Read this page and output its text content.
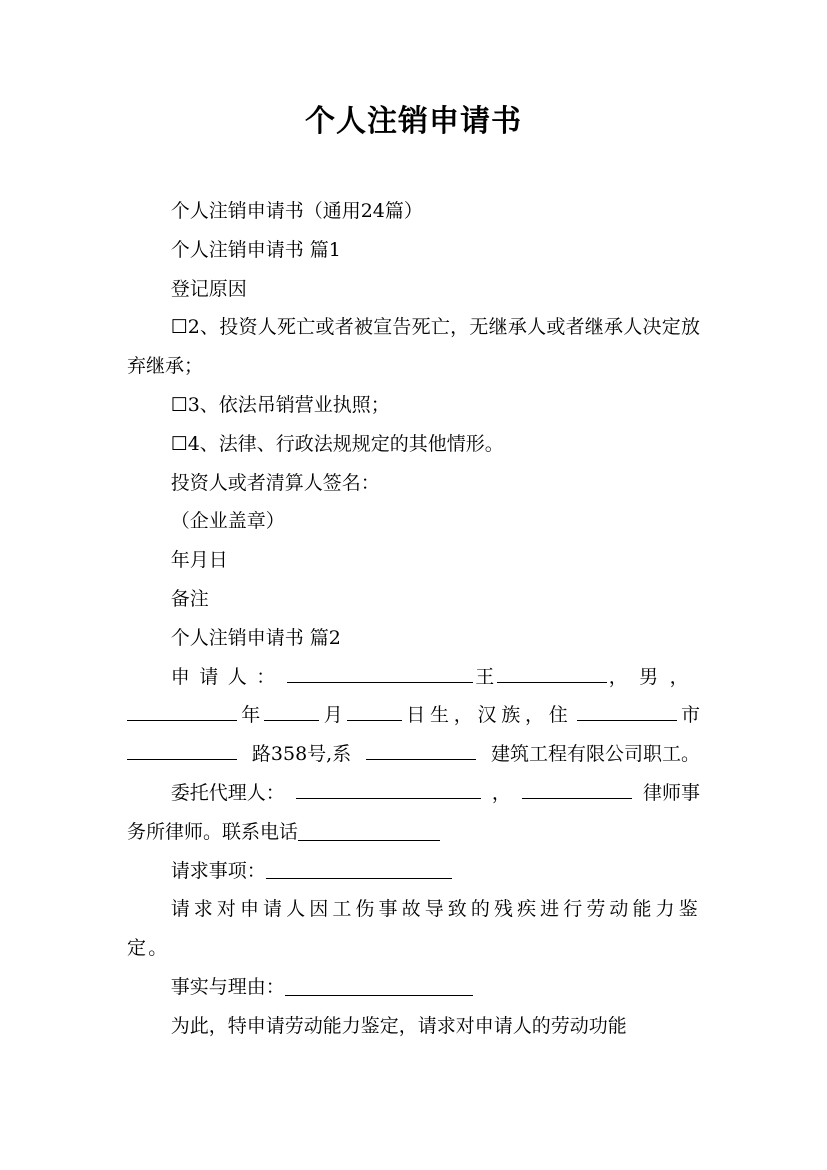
个人注销申请书

个人注销申请书（通用24篇）

个人注销申请书 篇1

登记原因

☐2、投资人死亡或者被宣告死亡，无继承人或者继承人决定放弃继承；

☐3、依法吊销营业执照；

☐4、法律、行政法规规定的其他情形。

投资人或者清算人签名：

（企业盖章）

年月日

备注

个人注销申请书 篇2

申请人：	王	，男，
年	月	日生，汉族，住	市
路358号,系	建筑工程有限公司职工。
委托代理人：	，	律师事
务所律师。联系电话
请求事项：

请求对申请人因工伤事故导致的残疾进行劳动能力鉴定。

事实与理由：

为此，特申请劳动能力鉴定，请求对申请人的劳动功能
